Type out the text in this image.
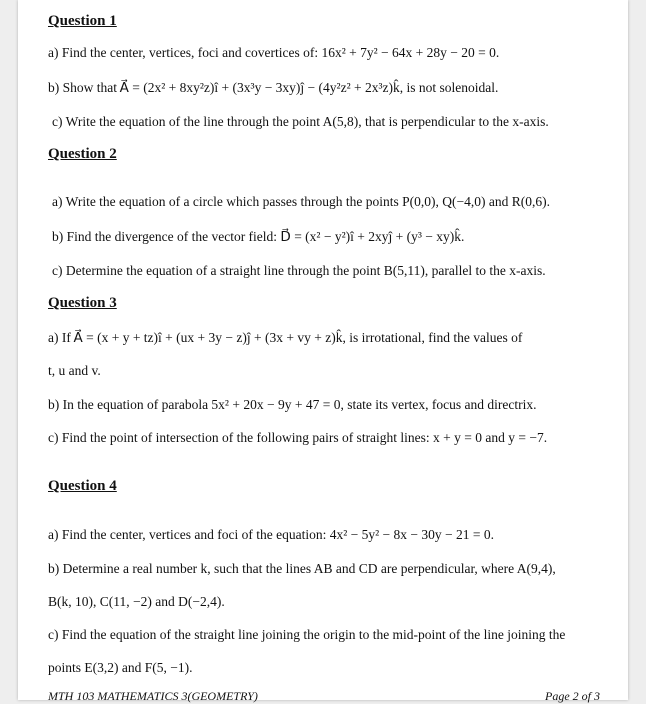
Question 1
a) Find the center, vertices, foci and covertices of: 16x² + 7y² − 64x + 28y − 20 = 0.
b) Show that A⃗ = (2x² + 8xy²z)î + (3x³y − 3xy)ĵ − (4y²z² + 2x³z)k̂, is not solenoidal.
c) Write the equation of the line through the point A(5,8), that is perpendicular to the x-axis.
Question 2
a) Write the equation of a circle which passes through the points P(0,0), Q(−4,0) and R(0,6).
b) Find the divergence of the vector field: D⃗ = (x² − y²)î + 2xyĵ + (y³ − xy)k̂.
c) Determine the equation of a straight line through the point B(5,11), parallel to the x-axis.
Question 3
a) If A⃗ = (x + y + tz)î + (ux + 3y − z)ĵ + (3x + vy + z)k̂, is irrotational, find the values of
t, u and v.
b) In the equation of parabola 5x² + 20x − 9y + 47 = 0, state its vertex, focus and directrix.
c) Find the point of intersection of the following pairs of straight lines: x + y = 0 and y = −7.
Question 4
a) Find the center, vertices and foci of the equation: 4x² − 5y² − 8x − 30y − 21 = 0.
b) Determine a real number k, such that the lines AB and CD are perpendicular, where A(9,4),
B(k, 10), C(11, −2) and D(−2,4).
c) Find the equation of the straight line joining the origin to the mid-point of the line joining the
points E(3,2) and F(5, −1).
MTH 103 MATHEMATICS 3(GEOMETRY)	Page 2 of 3
